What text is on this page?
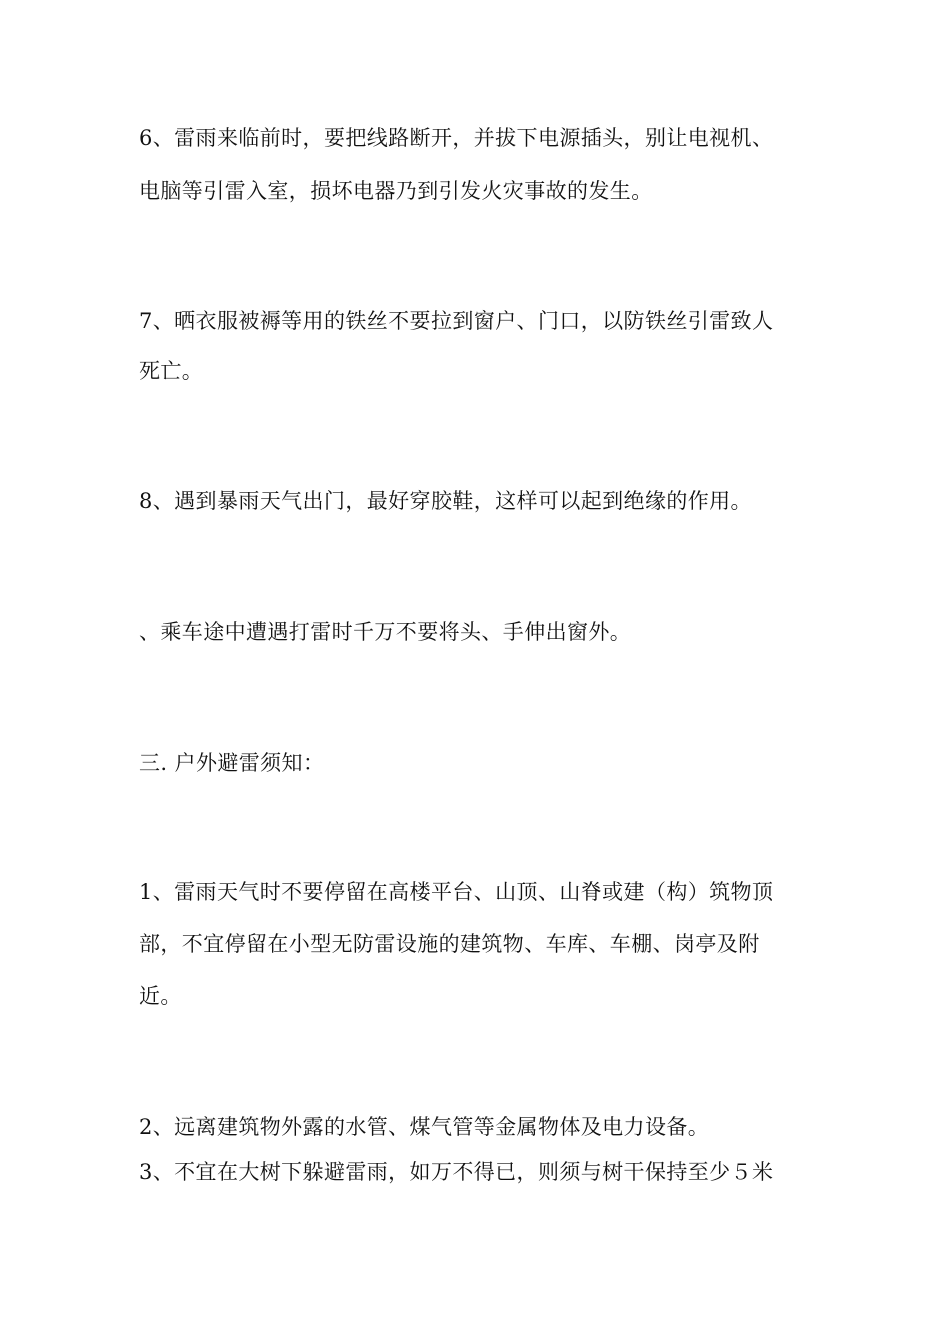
6、雷雨来临前时，要把线路断开，并拔下电源插头，别让电视机、
电脑等引雷入室，损坏电器乃到引发火灾事故的发生。
7、晒衣服被褥等用的铁丝不要拉到窗户、门口，以防铁丝引雷致人
死亡。
8、遇到暴雨天气出门，最好穿胶鞋，这样可以起到绝缘的作用。
、乘车途中遭遇打雷时千万不要将头、手伸出窗外。
三. 户外避雷须知：
1、雷雨天气时不要停留在高楼平台、山顶、山脊或建（构）筑物顶
部，不宜停留在小型无防雷设施的建筑物、车库、车棚、岗亭及附
近。
2、远离建筑物外露的水管、煤气管等金属物体及电力设备。
3、不宜在大树下躲避雷雨，如万不得已，则须与树干保持至少５米
